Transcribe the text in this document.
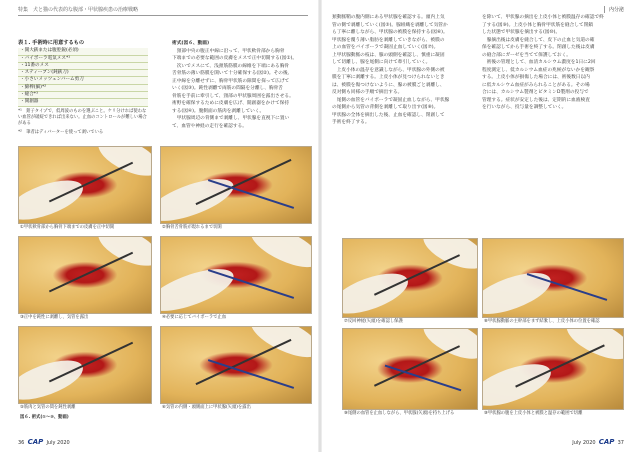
特集　犬と猫の代表的な腹部・甲状腺疾患の治療戦略	内分泌
表１. 手術時に用意するもの
・開大鋏または腹腔鋭(必須)
・バイポーラ電気メス*¹
・11番のメス
・スティーブン(鈍鋏刀)
・小さいメッツェンバーム剪刀
・綿棒(細)*²
・縫合*³
・開創器
*¹　鉗子タイプで、低周波のものを選ぶこと。ケリ分ければ使わない血管が破綻できれば出来ない。止血のコントロールが難しい場合がある
*²　筆者はディバーターを使って剥いでいる
術式(図６、動画)
　頸部中央の腹正中線に沿って、甲状軟骨部から胸骨
下端までの必要な範囲の皮膚をメスで正中切開する(図①)。
　次いでメスにて、浅頚筋筋膜の線維を下端にある胸骨
舌骨筋の薄い筋膜を開いて十分確保する(図②)。その後、
正中線を分離せずに、胸骨甲状筋の隙間を探って広げて
いく(図③)。鈍性剥離で両筋の間隔を分離し、胸骨舌
骨筋を手前に牽引して、頸部の甲状腺周囲を露出させる。
術野を確保するために皮膚を広げ、開創器をかけて保持
する(図④)。腹側面の筋肉を剥離していく。
　甲状腺周辺の背側まで剥離し、甲状腺を直視下に置い
て、血管や神経の走行を確認する。
頚動脈鞘の腹内側にある甲状腺を確認する。頭内上気
管の側で剥離していく(図⑤)。腺組織を剥離して気管か
ら丁寧に離しながら、甲状腺の被膜を保持する(図⑥)。
甲状腺を覆う薄い脂肪を剥離していきながら、被膜の
上の血管をバイポーラで凝固止血していく(図⑦)。
上甲状腺動脈の枝は、腺の頭側を確認し、慎重に凝固
して切離し、腺を尾側に向けて牽引していく。
　上皮小体の温存を意識しながら、甲状腺の外側の被
膜を丁寧に剥離する。上皮小体が見つけられないとき
は、被膜を傷つけないように、腺の被膜ごと剥離し、
反対側も同様の手順で摘出する。
　尾側の血管をバイポーラで凝固止血しながら、甲状腺
の尾側から気管の背側を剥離して取り出す(図⑧)。
甲状腺の全体を摘出した後、止血を確認し、閉創して
手術を終了する。
を除いて、甲状腺の摘出を上皮小体と被膜温存の確認で終
了する(図⑨)。上皮小体と胸骨甲状筋を縫合して閉鎖
した状態で甲状腺を摘出する(図⑩)。
　腺摘出後は皮膚を縫合して、皮下の止血と気道の確
保を確認してから手術を終了する。閉創した後は皮膚
の縫合部にガーゼを当てて保護しておく。
　術後の管理として、血清カルシウム濃度を1日に2回
程度測定し、低カルシウム血症の兆候がないかを観察
する。上皮小体が損傷した場合には、術後数日以内
に低カルシウム血症がみられることがある。その場
合には、カルシウム製剤とビタミンD製剤の投与で
管理する。症状が安定した後は、定期的に血液検査
を行いながら、投与量を調整していく。
①甲状軟骨部から胸骨下端までの皮膚を正中切開	②胸骨舌骨筋が現れるまで切開
③正中を鈍性に剥離し、気管を露出	④必要に応じてバイポーラで止血
⑤筋肉と気管の間を鈍性剥離	⑥気管の内側・頭側面上に甲状腺(矢頭)を露出
図６. 術式(①〜⑩、動画)
⑦反回神経(矢頭)を確認し保護	⑧甲状腺動脈の主幹部をまず結紮し、上皮小体の位置を確認
⑨尾側の血管を止血しながら、甲状腺(矢頭)を持ち上げる	⑩甲状腺の腹を上皮小体と被膜と温存の範囲で切離
36 CAP July 2020	July 2020 CAP 37
